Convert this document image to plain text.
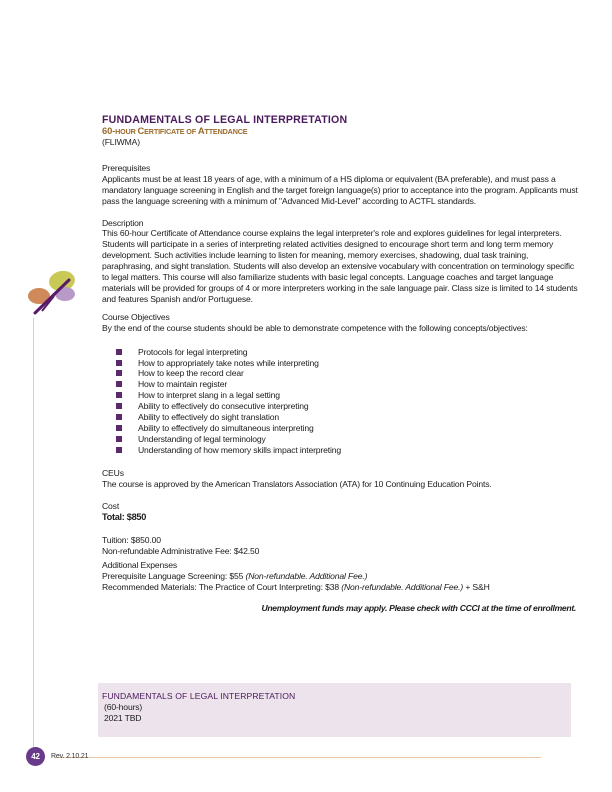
FUNDAMENTALS OF LEGAL INTERPRETATION
60-HOUR CERTIFICATE OF ATTENDANCE
(FLIWMA)
Prerequisites
Applicants must be at least 18 years of age, with a minimum of a HS diploma or equivalent (BA preferable), and must pass a mandatory language screening in English and the target foreign language(s) prior to acceptance into the program. Applicants must pass the language screening with a minimum of "Advanced Mid-Level" according to ACTFL standards.
Description
This 60-hour Certificate of Attendance course explains the legal interpreter's role and explores guidelines for legal interpreters. Students will participate in a series of interpreting related activities designed to encourage short term and long term memory development. Such activities include learning to listen for meaning, memory exercises, shadowing, dual task training, paraphrasing, and sight translation. Students will also develop an extensive vocabulary with concentration on terminology specific to legal matters. This course will also familiarize students with basic legal concepts. Language coaches and target language materials will be provided for groups of 4 or more interpreters working in the sale language pair. Class size is limited to 14 students and features Spanish and/or Portuguese.
Course Objectives
By the end of the course students should be able to demonstrate competence with the following concepts/objectives:
Protocols for legal interpreting
How to appropriately take notes while interpreting
How to keep the record clear
How to maintain register
How to interpret slang in a legal setting
Ability to effectively do consecutive interpreting
Ability to effectively do sight translation
Ability to effectively do simultaneous interpreting
Understanding of legal terminology
Understanding of how memory skills impact interpreting
CEUs
The course is approved by the American Translators Association (ATA) for 10 Continuing Education Points.
Cost
Total: $850
Tuition: $850.00
Non-refundable Administrative Fee: $42.50
Additional Expenses
Prerequisite Language Screening: $55 (Non-refundable. Additional Fee.)
Recommended Materials: The Practice of Court Interpreting: $38 (Non-refundable. Additional Fee.) + S&H
Unemployment funds may apply. Please check with CCCI at the time of enrollment.
FUNDAMENTALS OF LEGAL INTERPRETATION
(60-hours)
2021 TBD
42	Rev. 2.10.21
